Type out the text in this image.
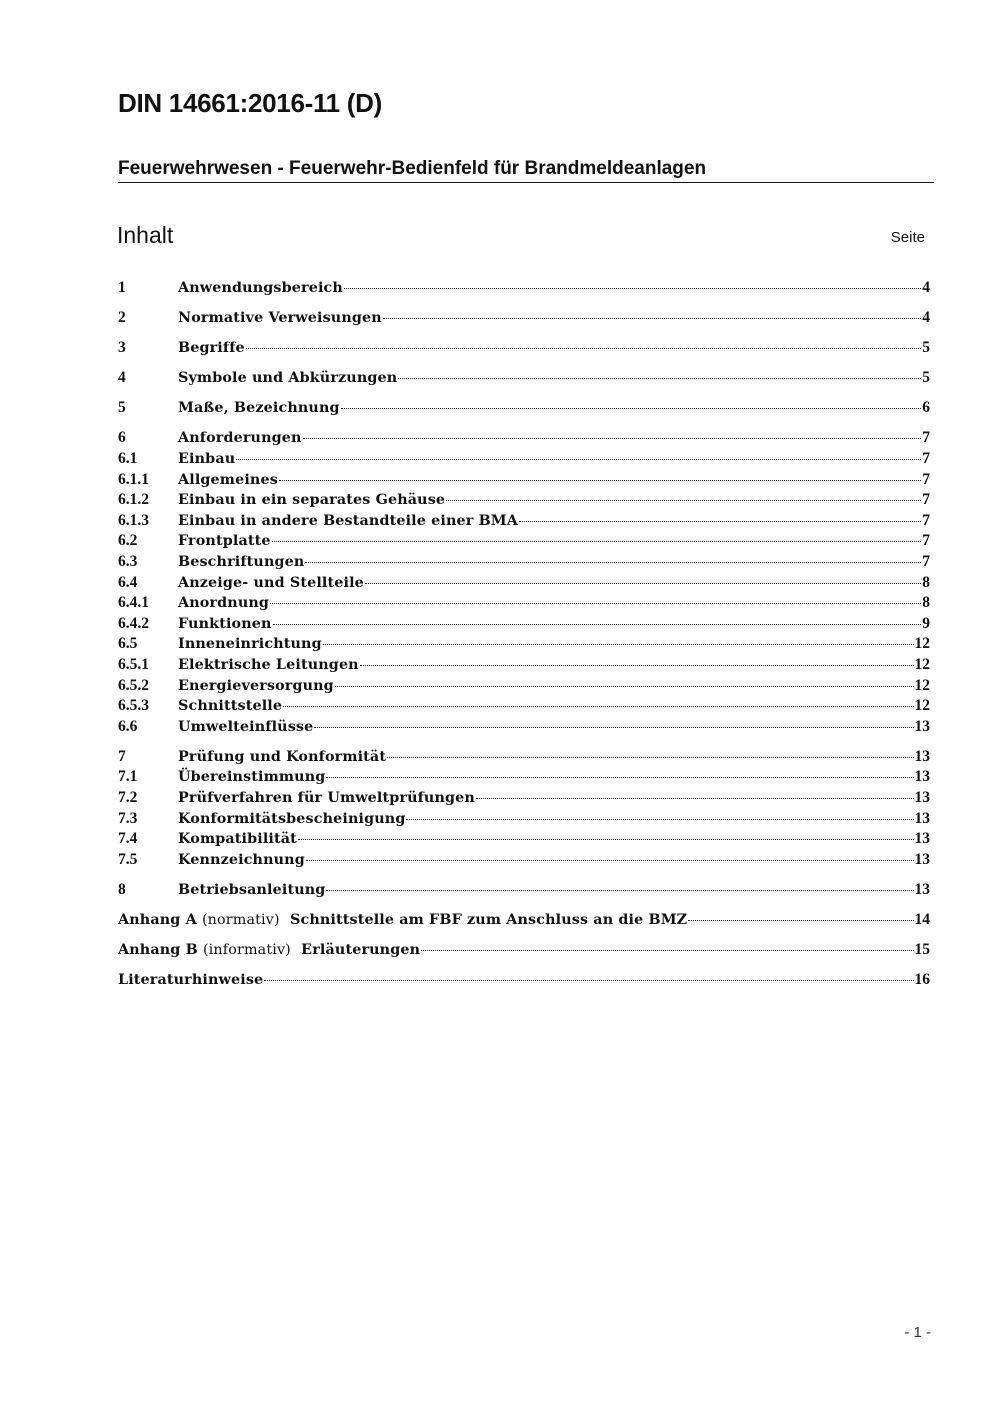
DIN 14661:2016-11 (D)
Feuerwehrwesen - Feuerwehr-Bedienfeld für Brandmeldeanlagen
Inhalt	Seite
1	Anwendungsbereich	4
2	Normative Verweisungen	4
3	Begriffe	5
4	Symbole und Abkürzungen	5
5	Maße, Bezeichnung	6
6	Anforderungen	7
6.1	Einbau	7
6.1.1	Allgemeines	7
6.1.2	Einbau in ein separates Gehäuse	7
6.1.3	Einbau in andere Bestandteile einer BMA	7
6.2	Frontplatte	7
6.3	Beschriftungen	7
6.4	Anzeige- und Stellteile	8
6.4.1	Anordnung	8
6.4.2	Funktionen	9
6.5	Inneneinrichtung	12
6.5.1	Elektrische Leitungen	12
6.5.2	Energieversorgung	12
6.5.3	Schnittstelle	12
6.6	Umwelteinflüsse	13
7	Prüfung und Konformität	13
7.1	Übereinstimmung	13
7.2	Prüfverfahren für Umweltprüfungen	13
7.3	Konformitätsbescheinigung	13
7.4	Kompatibilität	13
7.5	Kennzeichnung	13
8	Betriebsanleitung	13
Anhang A (normativ) Schnittstelle am FBF zum Anschluss an die BMZ	14
Anhang B (informativ) Erläuterungen	15
Literaturhinweise	16
- 1 -
